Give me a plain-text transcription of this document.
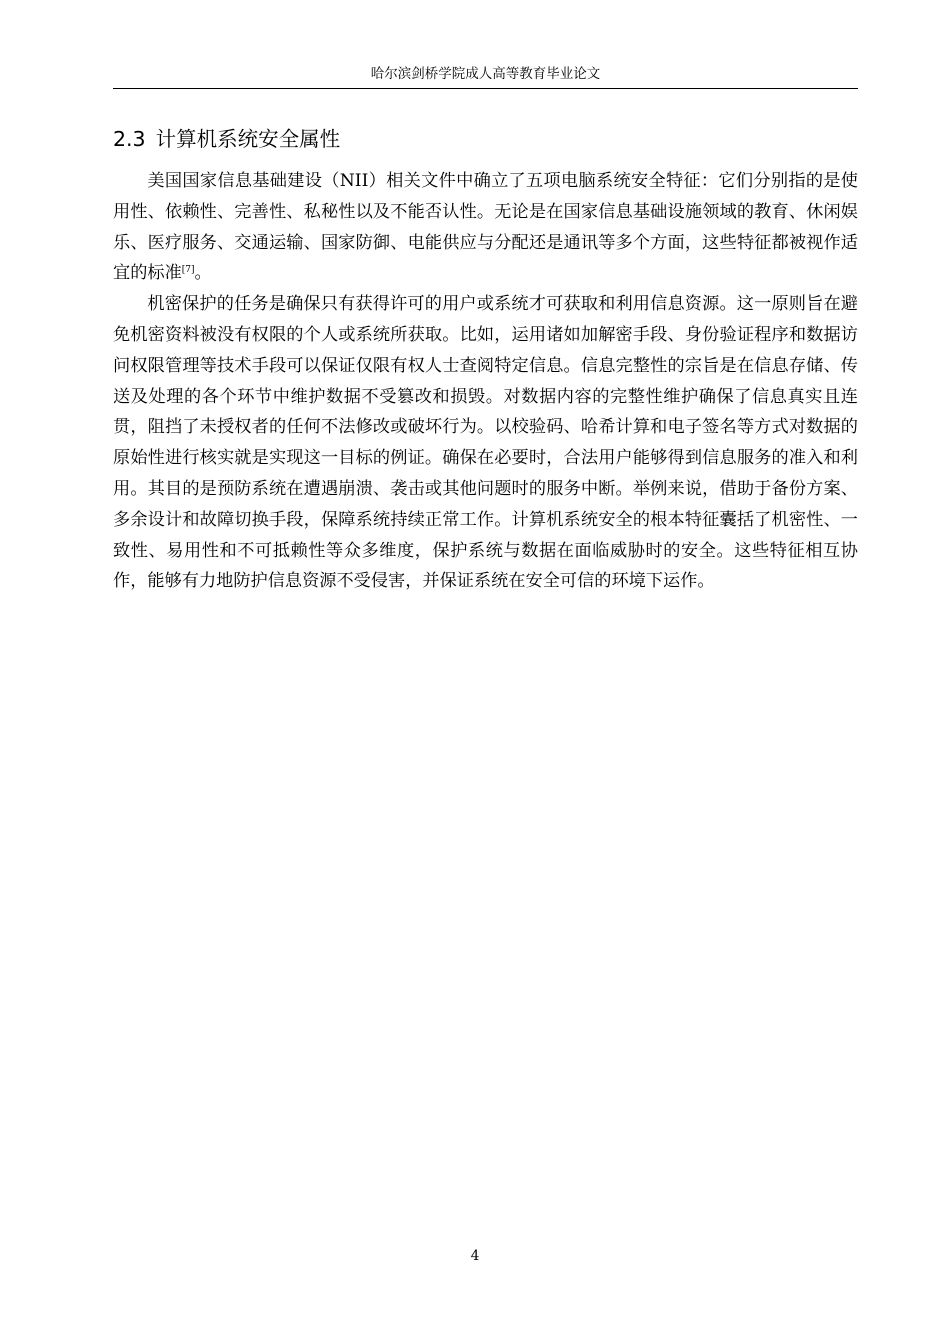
哈尔滨剑桥学院成人高等教育毕业论文
2.3 计算机系统安全属性

美国国家信息基础建设（NII）相关文件中确立了五项电脑系统安全特征：它们分别指的是使用性、依赖性、完善性、私秘性以及不能否认性。无论是在国家信息基础设施领域的教育、休闲娱乐、医疗服务、交通运输、国家防御、电能供应与分配还是通讯等多个方面，这些特征都被视作适宜的标准[7]。

机密保护的任务是确保只有获得许可的用户或系统才可获取和利用信息资源。这一原则旨在避免机密资料被没有权限的个人或系统所获取。比如，运用诸如加解密手段、身份验证程序和数据访问权限管理等技术手段可以保证仅限有权人士查阅特定信息。信息完整性的宗旨是在信息存储、传送及处理的各个环节中维护数据不受篡改和损毁。对数据内容的完整性维护确保了信息真实且连贯，阻挡了未授权者的任何不法修改或破坏行为。以校验码、哈希计算和电子签名等方式对数据的原始性进行核实就是实现这一目标的例证。确保在必要时，合法用户能够得到信息服务的准入和利用。其目的是预防系统在遭遇崩溃、袭击或其他问题时的服务中断。举例来说，借助于备份方案、多余设计和故障切换手段，保障系统持续正常工作。计算机系统安全的根本特征囊括了机密性、一致性、易用性和不可抵赖性等众多维度，保护系统与数据在面临威胁时的安全。这些特征相互协作，能够有力地防护信息资源不受侵害，并保证系统在安全可信的环境下运作。

4
